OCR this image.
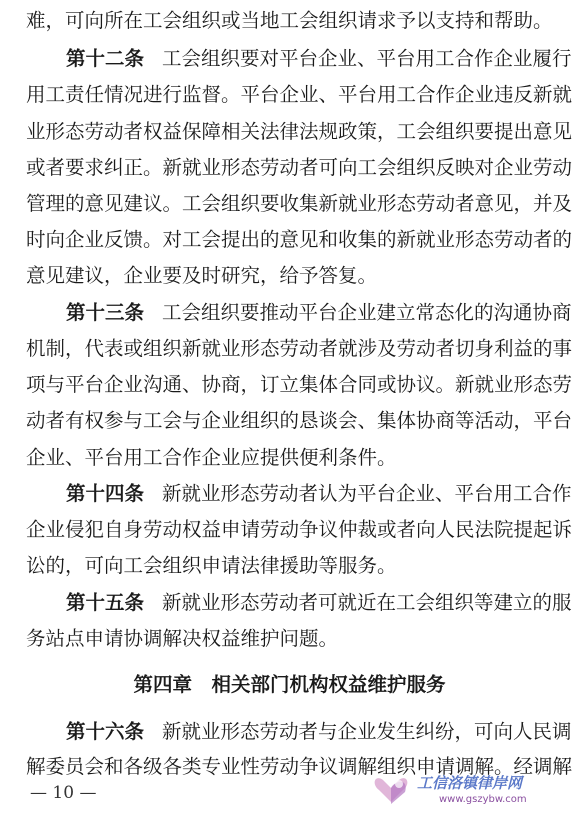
难，可向所在工会组织或当地工会组织请求予以支持和帮助。
第十二条 工会组织要对平台企业、平台用工合作企业履行
用工责任情况进行监督。平台企业、平台用工合作企业违反新就
业形态劳动者权益保障相关法律法规政策，工会组织要提出意见
或者要求纠正。新就业形态劳动者可向工会组织反映对企业劳动
管理的意见建议。工会组织要收集新就业形态劳动者意见，并及
时向企业反馈。对工会提出的意见和收集的新就业形态劳动者的
意见建议，企业要及时研究，给予答复。
第十三条 工会组织要推动平台企业建立常态化的沟通协商
机制，代表或组织新就业形态劳动者就涉及劳动者切身利益的事
项与平台企业沟通、协商，订立集体合同或协议。新就业形态劳
动者有权参与工会与企业组织的恳谈会、集体协商等活动，平台
企业、平台用工合作企业应提供便利条件。
第十四条 新就业形态劳动者认为平台企业、平台用工合作
企业侵犯自身劳动权益申请劳动争议仲裁或者向人民法院提起诉
讼的，可向工会组织申请法律援助等服务。
第十五条 新就业形态劳动者可就近在工会组织等建立的服
务站点申请协调解决权益维护问题。
第四章　相关部门机构权益维护服务
第十六条 新就业形态劳动者与企业发生纠纷，可向人民调
解委员会和各级各类专业性劳动争议调解组织申请调解。经调解
— 10 —	工信洛镇律岸网
www.gszybw.com
